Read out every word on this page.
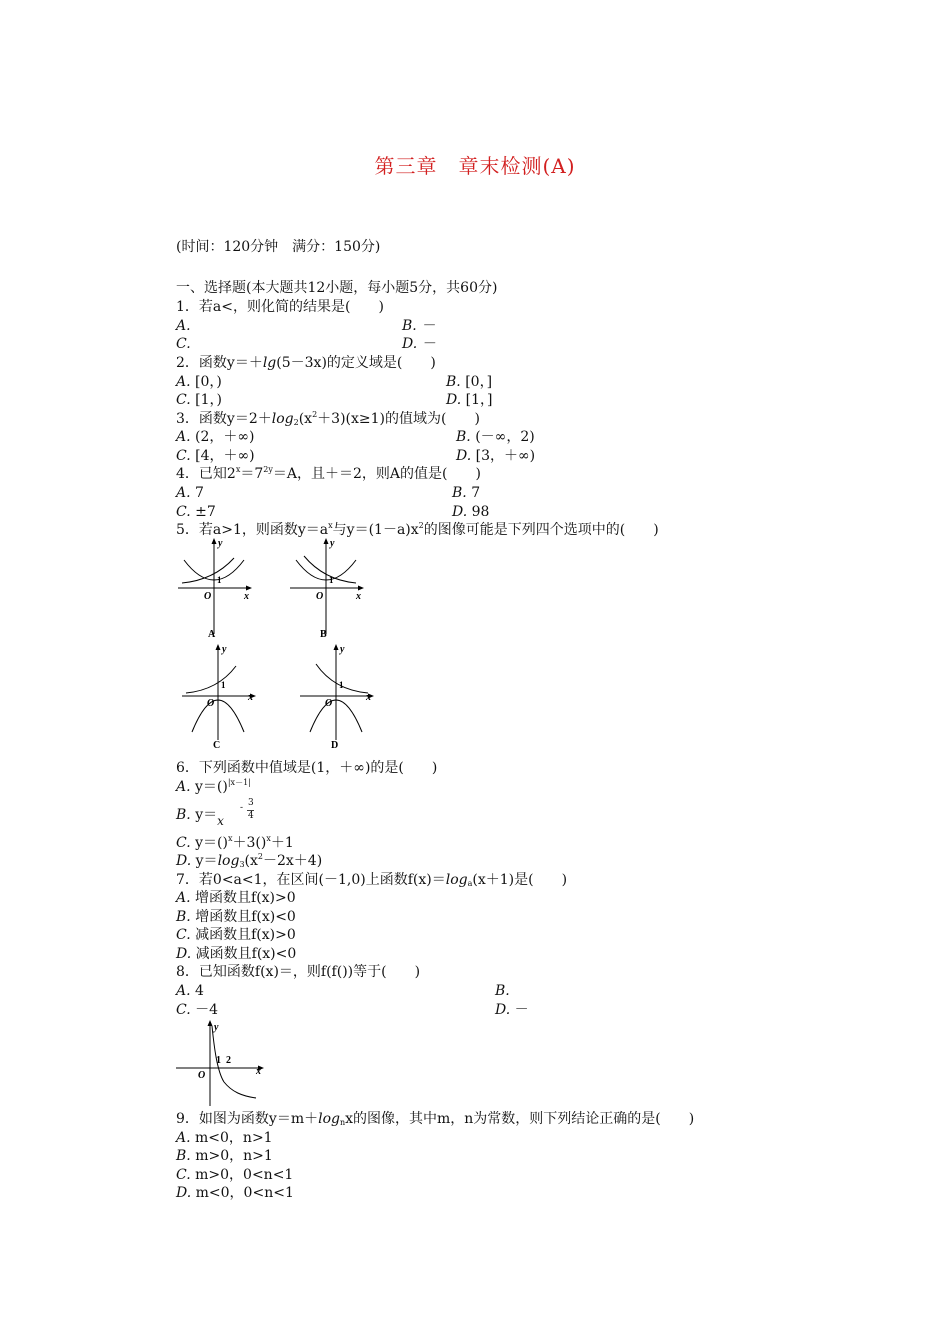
第三章　章末检测(A)
(时间：120分钟　满分：150分)
一、选择题(本大题共12小题，每小题5分，共60分)
1．若a<，则化简的结果是(　　)
A.	B. －
C.	D. －
2．函数y＝＋lg(5－3x)的定义域是(　　)
A. [0，)	B. [0，]
C. [1，)	D. [1，]
3．函数$y=2+\log_2(x^2+3)(x\ge 1)$的值域为(　　)
A. (2，＋∞)	B. (－∞，2)
C. [4，＋∞)	D. [3，＋∞)
4．已知$2^x=7^{2y}=A$，且＋＝2，则A的值是(　　)
A. 7	B. 7
C. ±7	D. 98
5．若a>1，则函数$y=a^x$与$y=(1-a)x^2$的图像可能是下列四个选项中的(　　)
y
x
O
1
A
y
x
O
1
B
y
x
O
1
C
y
x
O
1
D
6．下列函数中值域是(1，＋∞)的是(　　)
A. y＝()$^{|x-1|}$
B. y＝x
- 3
4
C. y＝()$^x$＋3()$^x$＋1
D. $y=\log_3(x^2-2x+4)$
7．若0<a<1，在区间(－1,0)上函数$f(x)=\log_a(x+1)$是(　　)
A. 增函数且f(x)>0
B. 增函数且f(x)<0
C. 减函数且f(x)>0
D. 减函数且f(x)<0
8．已知函数f(x)＝，则f(f())等于(　　)
A. 4	B.
C. －4	D. －
y
x
O
1  2
9．如图为函数$y=m+\log_nx$的图像，其中m，n为常数，则下列结论正确的是(　　)
A. m<0，n>1
B. m>0，n>1
C. m>0，0<n<1
D. m<0，0<n<1
